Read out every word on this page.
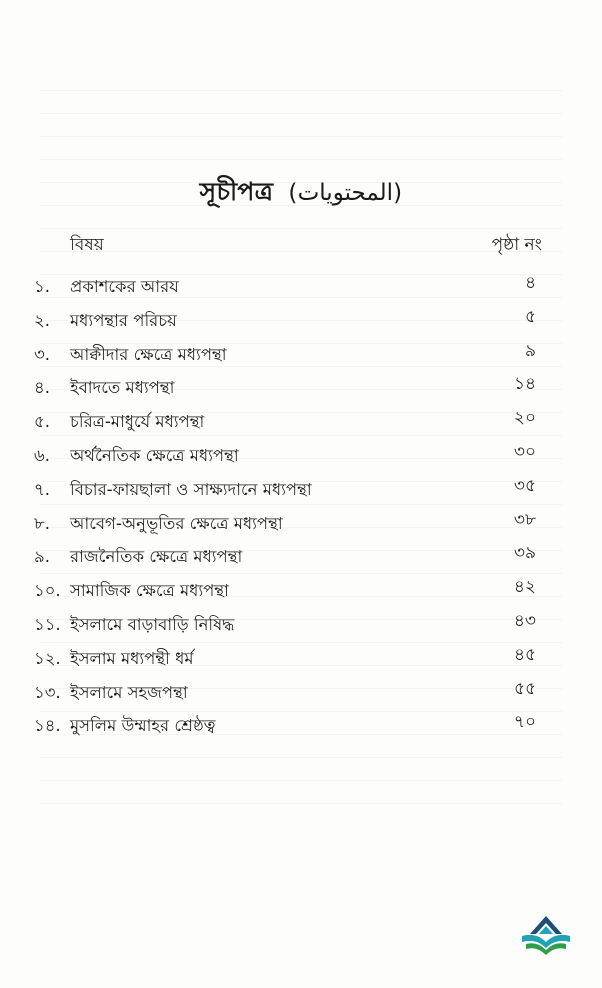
সূচীপত্র (المحتويات)
বিষয়	পৃষ্ঠা নং
১.	প্রকাশকের আরয	৪
২.	মধ্যপন্থার পরিচয়	৫
৩.	আক্বীদার ক্ষেত্রে মধ্যপন্থা	৯
৪.	ইবাদতে মধ্যপন্থা	১৪
৫.	চরিত্র-মাধুর্যে মধ্যপন্থা	২০
৬.	অর্থনৈতিক ক্ষেত্রে মধ্যপন্থা	৩০
৭.	বিচার-ফায়ছালা ও সাক্ষ্যদানে মধ্যপন্থা	৩৫
৮.	আবেগ-অনুভূতির ক্ষেত্রে মধ্যপন্থা	৩৮
৯.	রাজনৈতিক ক্ষেত্রে মধ্যপন্থা	৩৯
১০. সামাজিক ক্ষেত্রে মধ্যপন্থা	৪২
১১. ইসলামে বাড়াবাড়ি নিষিদ্ধ	৪৩
১২. ইসলাম মধ্যপন্থী ধর্ম	৪৫
১৩. ইসলামে সহজপন্থা	৫৫
১৪. মুসলিম উম্মাহর শ্রেষ্ঠত্ব	৭০
